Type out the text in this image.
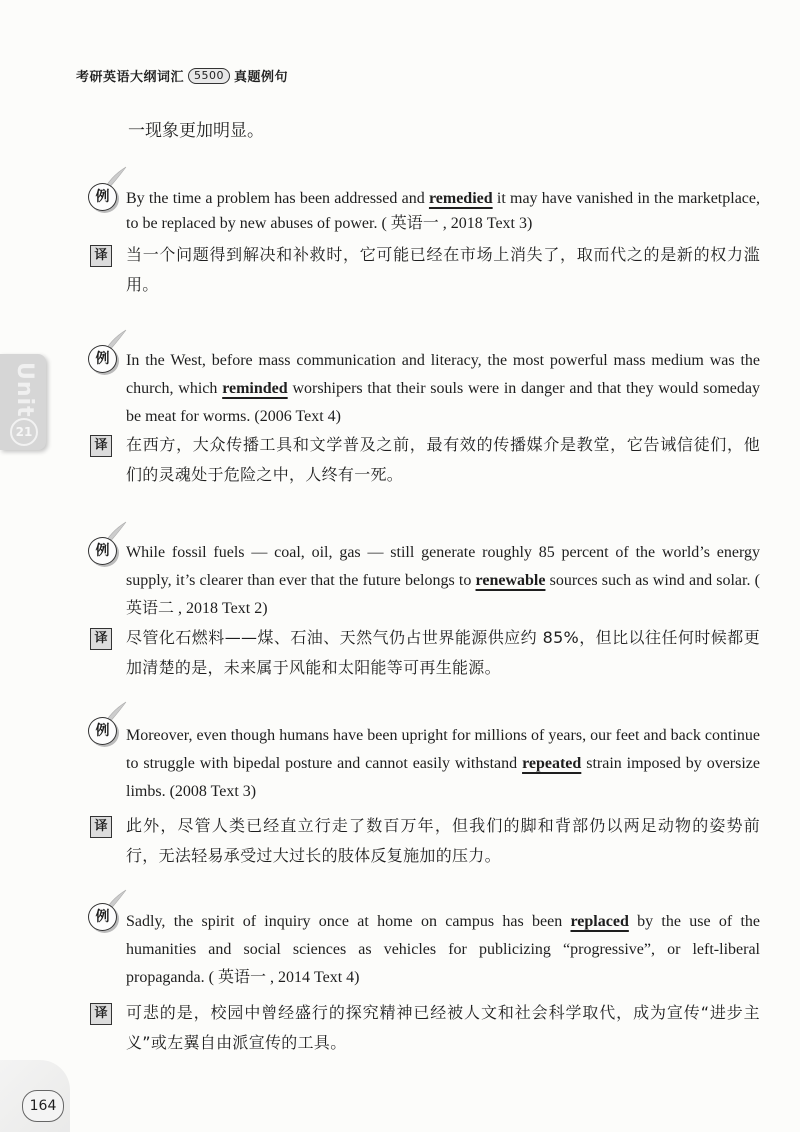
考研英语大纲词汇 5500 真题例句
一现象更加明显。
Unit
21
例	By the time a problem has been addressed and remedied it may have vanished in the marketplace, to be replaced by new abuses of power. ( 英语一 , 2018 Text 3)
译 当一个问题得到解决和补救时，它可能已经在市场上消失了，取而代之的是新的权力滥用。
例	In the West, before mass communication and literacy, the most powerful mass medium was the church, which reminded worshipers that their souls were in danger and that they would someday be meat for worms. (2006 Text 4)
译 在西方，大众传播工具和文学普及之前，最有效的传播媒介是教堂，它告诫信徒们，他们的灵魂处于危险之中，人终有一死。
例	While fossil fuels — coal, oil, gas — still generate roughly 85 percent of the world’s energy supply, it’s clearer than ever that the future belongs to renewable sources such as wind and solar. ( 英语二 , 2018 Text 2)
译 尽管化石燃料——煤、石油、天然气仍占世界能源供应约 85%，但比以往任何时候都更加清楚的是，未来属于风能和太阳能等可再生能源。
例	Moreover, even though humans have been upright for millions of years, our feet and back continue to struggle with bipedal posture and cannot easily withstand repeated strain imposed by oversize limbs. (2008 Text 3)
译 此外，尽管人类已经直立行走了数百万年，但我们的脚和背部仍以两足动物的姿势前行，无法轻易承受过大过长的肢体反复施加的压力。
例	Sadly, the spirit of inquiry once at home on campus has been replaced by the use of the humanities and social sciences as vehicles for publicizing “progressive”, or left-liberal propaganda. ( 英语一 , 2014 Text 4)
译 可悲的是，校园中曾经盛行的探究精神已经被人文和社会科学取代，成为宣传“进步主义”或左翼自由派宣传的工具。
164
